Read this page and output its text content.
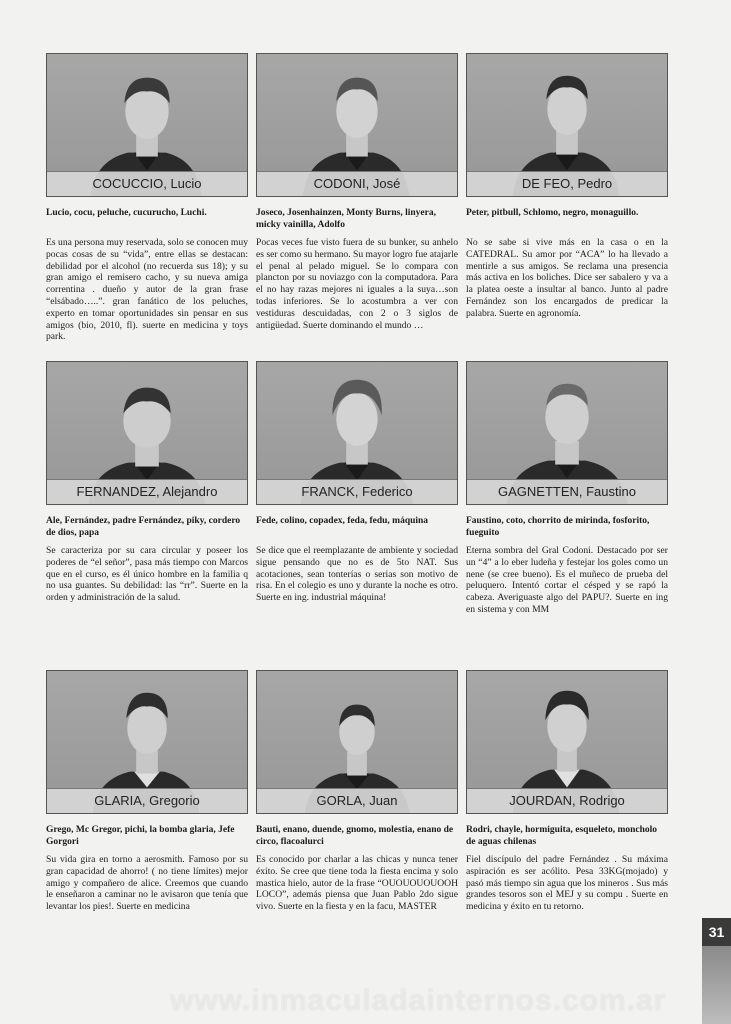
COCUCCIO, Lucio
Lucio, cocu, peluche, cucurucho, Luchi.
Es una persona muy reservada, solo se conocen muy pocas cosas de su “vida”, entre ellas se destacan: debilidad por el alcohol (no recuerda sus 18); y su gran amigo el remisero cacho, y su nueva amiga correntina . dueño y autor de la gran frase “elsábado…..”. gran fanático de los peluches, experto en tomar oportunidades sin pensar en sus amigos (bio, 2010, fl). suerte en medicina y toys park.
CODONI, José
Joseco, Josenhainzen, Monty Burns, linyera, micky vainilla, Adolfo
Pocas veces fue visto fuera de su bunker, su anhelo es ser como su hermano. Su mayor logro fue atajarle el penal al pelado miguel. Se lo compara con plancton por su noviazgo con la computadora. Para el no hay razas mejores ni iguales a la suya…son todas inferiores. Se lo acostumbra a ver con vestiduras descuidadas, con 2 o 3 siglos de antigüedad. Suerte dominando el mundo …
DE FEO, Pedro
Peter, pitbull, Schlomo, negro, monaguillo.
No se sabe si vive más en la casa o en la CATEDRAL. Su amor por “ACA” lo ha llevado a mentirle a sus amigos. Se reclama una presencia más activa en los boliches. Dice ser sabalero y va a la platea oeste a insultar al banco. Junto al padre Fernández son los encargados de predicar la palabra. Suerte en agronomía.
FERNANDEZ, Alejandro
Ale, Fernández, padre Fernández, piky, cordero de dios, papa
Se caracteriza por su cara circular y poseer los poderes de “el señor”, pasa más tiempo con Marcos que en el curso, es él único hombre en la familia q no usa guantes. Su debilidad: las “rr”. Suerte en la orden y administración de la salud.
FRANCK, Federico
Fede, colino, copadex, feda, fedu, máquina
Se dice que el reemplazante de ambiente y sociedad sigue pensando que no es de 5to NAT. Sus acotaciones, sean tonterías o serias son motivo de risa. En el colegio es uno y durante la noche es otro. Suerte en ing. industrial máquina!
GAGNETTEN, Faustino
Faustino, coto, chorrito de mirinda, fosforito, fueguito
Eterna sombra del Gral Codoni. Destacado por ser un “4” a lo eber ludeña y festejar los goles como un nene (se cree bueno). Es el muñeco de prueba del peluquero. Intentó cortar el césped y se rapó la cabeza. Averiguaste algo del PAPU?. Suerte en ing en sistema y con MM
GLARIA, Gregorio
Grego, Mc Gregor, pichi, la bomba glaria, Jefe Gorgori
Su vida gira en torno a aerosmith. Famoso por su gran capacidad de ahorro! ( no tiene límites) mejor amigo y compañero de alice. Creemos que cuando le enseñaron a caminar no le avisaron que tenía que levantar los pies!. Suerte en medicina
GORLA, Juan
Bauti, enano, duende, gnomo, molestia, enano de circo, flacoalurci
Es conocido por charlar a las chicas y nunca tener éxito. Se cree que tiene toda la fiesta encima y solo mastica hielo, autor de la frase “OUOUOUOUOOH LOCO”, además piensa que Juan Pablo 2do sigue vivo. Suerte en la fiesta y en la facu, MASTER
JOURDAN, Rodrigo
Rodri, chayle, hormiguita, esqueleto, moncholo de aguas chilenas
Fiel discípulo del padre Fernández . Su máxima aspiración es ser acólito. Pesa 33KG(mojado) y pasó más tiempo sin agua que los mineros . Sus más grandes tesoros son el MEJ y su compu . Suerte en medicina y éxito en tu retorno.
31
www.inmaculadainternos.com.ar
